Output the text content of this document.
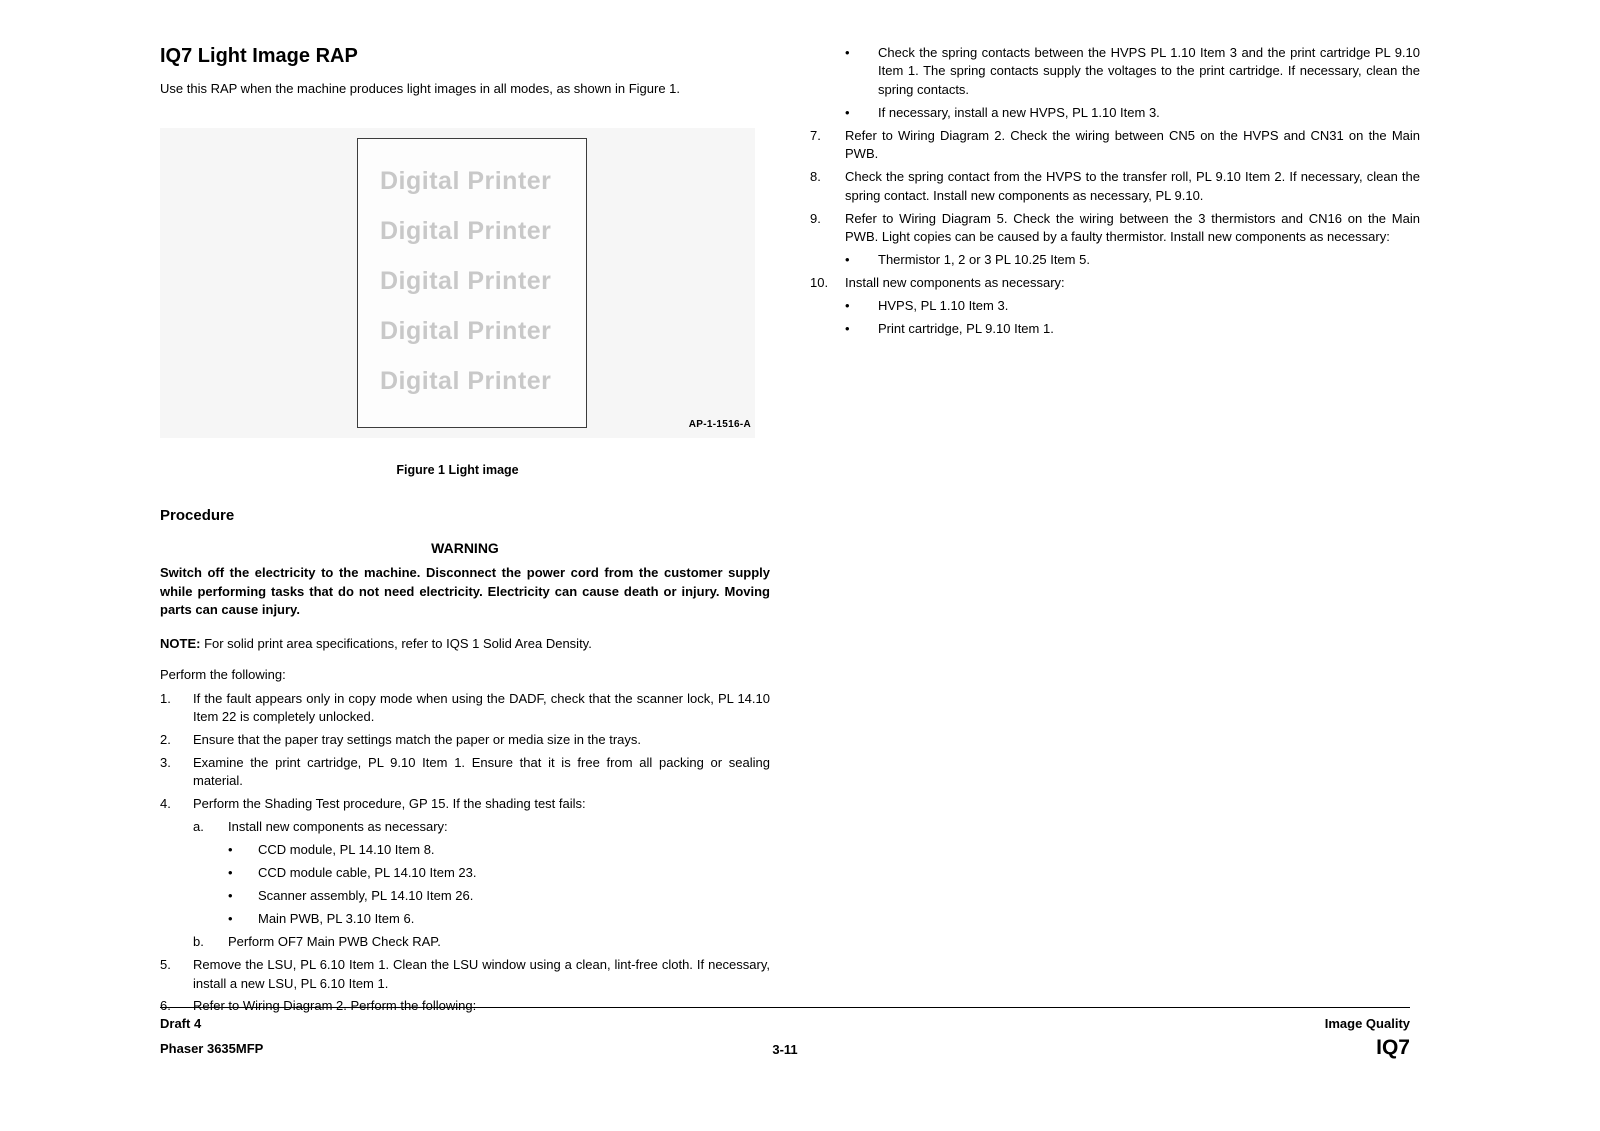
IQ7 Light Image RAP

Use this RAP when the machine produces light images in all modes, as shown in Figure 1.

Digital Printer
Digital Printer
Digital Printer
Digital Printer
Digital Printer
AP-1-1516-A
Figure 1 Light image
Procedure
WARNING

Switch off the electricity to the machine. Disconnect the power cord from the customer supply while performing tasks that do not need electricity. Electricity can cause death or injury. Moving parts can cause injury.

NOTE: For solid print area specifications, refer to IQS 1 Solid Area Density.

Perform the following:

1.	If the fault appears only in copy mode when using the DADF, check that the scanner lock, PL 14.10 Item 22 is completely unlocked.
2.	Ensure that the paper tray settings match the paper or media size in the trays.
3.	Examine the print cartridge, PL 9.10 Item 1. Ensure that it is free from all packing or sealing material.
4.	Perform the Shading Test procedure, GP 15. If the shading test fails:
a.	Install new components as necessary:
•	CCD module, PL 14.10 Item 8.
•	CCD module cable, PL 14.10 Item 23.
•	Scanner assembly, PL 14.10 Item 26.
•	Main PWB, PL 3.10 Item 6.
b.	Perform OF7 Main PWB Check RAP.
5.	Remove the LSU, PL 6.10 Item 1. Clean the LSU window using a clean, lint-free cloth. If necessary, install a new LSU, PL 6.10 Item 1.
6.	Refer to Wiring Diagram 2. Perform the following:
•	Check the spring contacts between the HVPS PL 1.10 Item 3 and the print cartridge PL 9.10 Item 1. The spring contacts supply the voltages to the print cartridge. If necessary, clean the spring contacts.
•	If necessary, install a new HVPS, PL 1.10 Item 3.
7.	Refer to Wiring Diagram 2. Check the wiring between CN5 on the HVPS and CN31 on the Main PWB.
8.	Check the spring contact from the HVPS to the transfer roll, PL 9.10 Item 2. If necessary, clean the spring contact. Install new components as necessary, PL 9.10.
9.	Refer to Wiring Diagram 5. Check the wiring between the 3 thermistors and CN16 on the Main PWB. Light copies can be caused by a faulty thermistor. Install new components as necessary:
•	Thermistor 1, 2 or 3 PL 10.25 Item 5.
10.	Install new components as necessary:
•	HVPS, PL 1.10 Item 3.
•	Print cartridge, PL 9.10 Item 1.
Draft 4
Phaser 3635MFP	3-11
Image Quality
IQ7
